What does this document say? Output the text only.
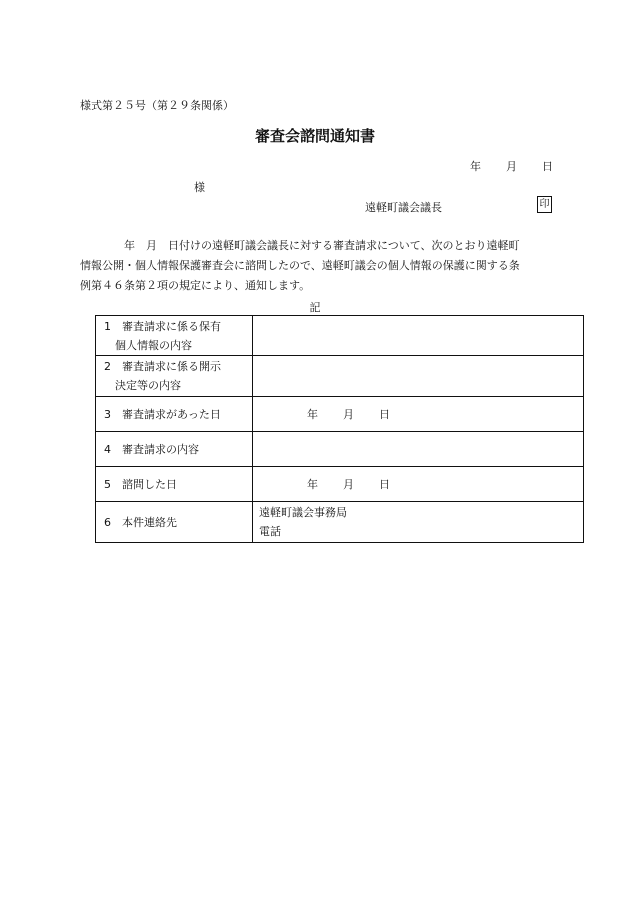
様式第２５号（第２９条関係）
審査会諮問通知書
年 月 日
様
遠軽町議会議長	印
　　　　年　月　日付けの遠軽町議会議長に対する審査請求について、次のとおり遠軽町
情報公開・個人情報保護審査会に諮問したので、遠軽町議会の個人情報の保護に関する条
例第４６条第２項の規定により、通知します。
記
1　審査請求に係る保有
　個人情報の内容	

2　審査請求に係る開示
　決定等の内容	

3　審査請求があった日	年 月 日
4　審査請求の内容	
5　諮問した日	年 月 日
6　本件連絡先	遠軽町議会事務局
電話
